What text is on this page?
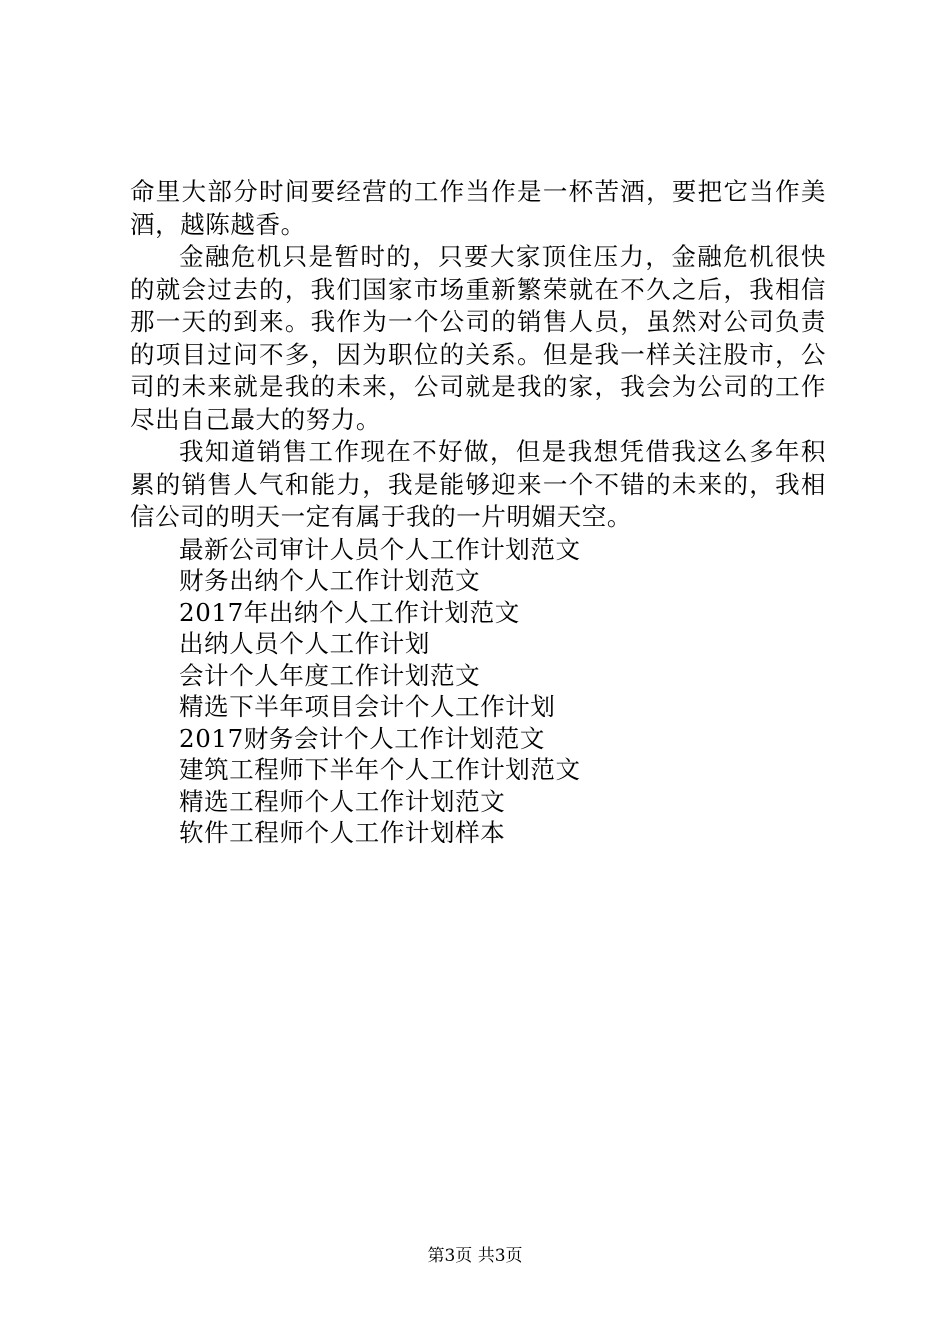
命里大部分时间要经营的工作当作是一杯苦酒，要把它当作美酒，越陈越香。

金融危机只是暂时的，只要大家顶住压力，金融危机很快的就会过去的，我们国家市场重新繁荣就在不久之后，我相信那一天的到来。我作为一个公司的销售人员，虽然对公司负责的项目过问不多，因为职位的关系。但是我一样关注股市，公司的未来就是我的未来，公司就是我的家，我会为公司的工作尽出自己最大的努力。

我知道销售工作现在不好做，但是我想凭借我这么多年积累的销售人气和能力，我是能够迎来一个不错的未来的，我相信公司的明天一定有属于我的一片明媚天空。

最新公司审计人员个人工作计划范文
财务出纳个人工作计划范文
2017年出纳个人工作计划范文
出纳人员个人工作计划
会计个人年度工作计划范文
精选下半年项目会计个人工作计划
2017财务会计个人工作计划范文
建筑工程师下半年个人工作计划范文
精选工程师个人工作计划范文
软件工程师个人工作计划样本
第3页 共3页
